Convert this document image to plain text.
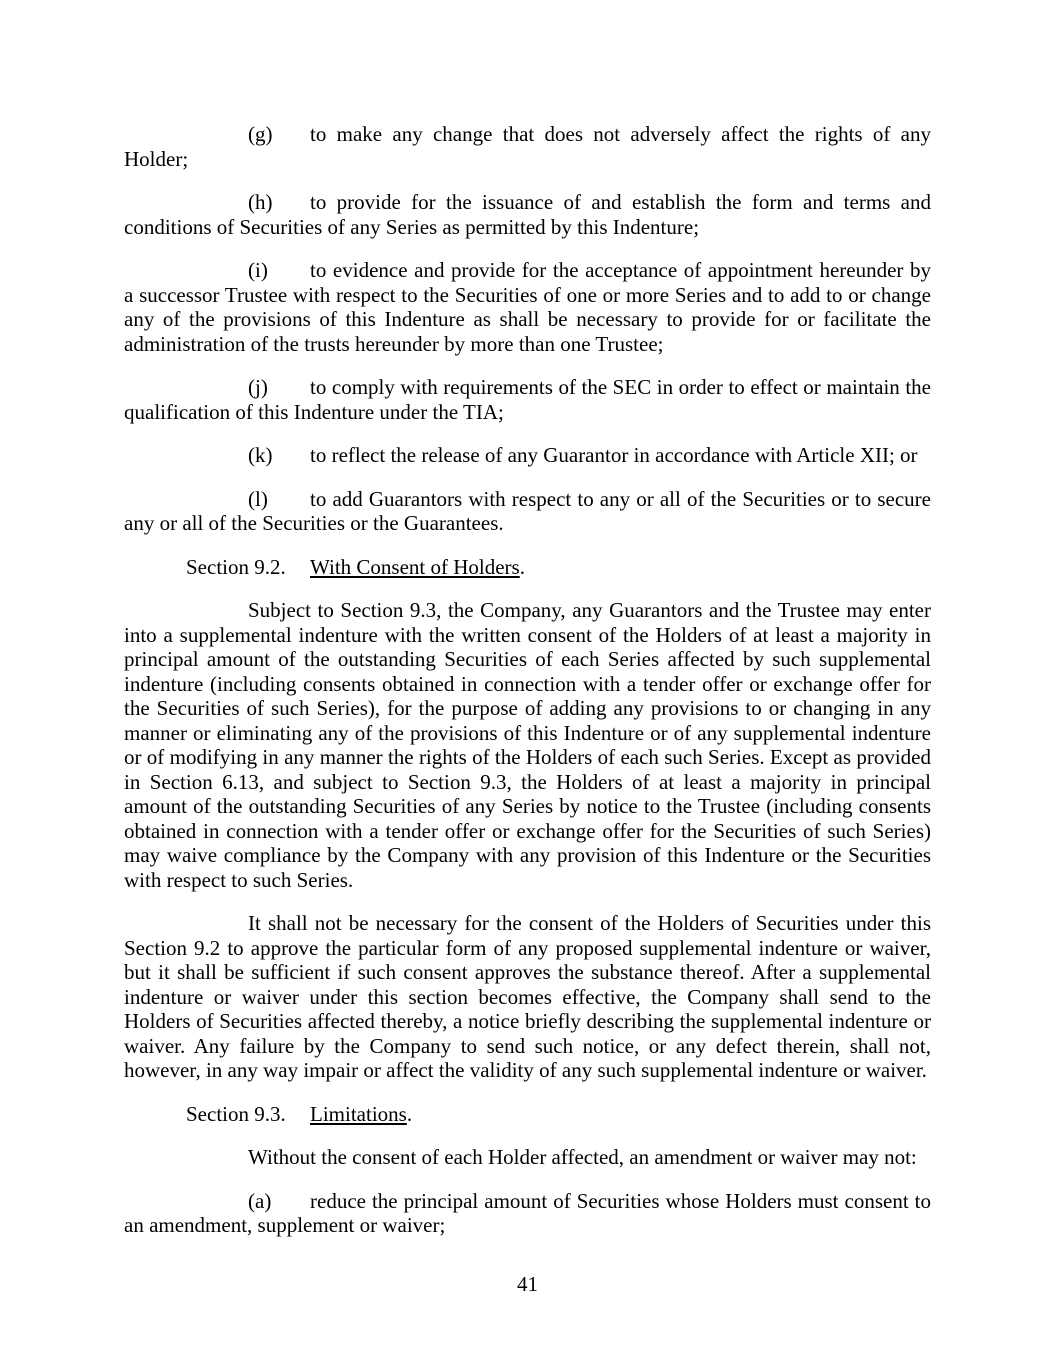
(g) to make any change that does not adversely affect the rights of any Holder;

(h) to provide for the issuance of and establish the form and terms and conditions of Securities of any Series as permitted by this Indenture;

(i) to evidence and provide for the acceptance of appointment hereunder by a successor Trustee with respect to the Securities of one or more Series and to add to or change any of the provisions of this Indenture as shall be necessary to provide for or facilitate the administration of the trusts hereunder by more than one Trustee;

(j) to comply with requirements of the SEC in order to effect or maintain the qualification of this Indenture under the TIA;

(k) to reflect the release of any Guarantor in accordance with Article XII; or

(l) to add Guarantors with respect to any or all of the Securities or to secure any or all of the Securities or the Guarantees.

Section 9.2. With Consent of Holders.

Subject to Section 9.3, the Company, any Guarantors and the Trustee may enter into a supplemental indenture with the written consent of the Holders of at least a majority in principal amount of the outstanding Securities of each Series affected by such supplemental indenture (including consents obtained in connection with a tender offer or exchange offer for the Securities of such Series), for the purpose of adding any provisions to or changing in any manner or eliminating any of the provisions of this Indenture or of any supplemental indenture or of modifying in any manner the rights of the Holders of each such Series. Except as provided in Section 6.13, and subject to Section 9.3, the Holders of at least a majority in principal amount of the outstanding Securities of any Series by notice to the Trustee (including consents obtained in connection with a tender offer or exchange offer for the Securities of such Series) may waive compliance by the Company with any provision of this Indenture or the Securities with respect to such Series.

It shall not be necessary for the consent of the Holders of Securities under this Section 9.2 to approve the particular form of any proposed supplemental indenture or waiver, but it shall be sufficient if such consent approves the substance thereof. After a supplemental indenture or waiver under this section becomes effective, the Company shall send to the Holders of Securities affected thereby, a notice briefly describing the supplemental indenture or waiver. Any failure by the Company to send such notice, or any defect therein, shall not, however, in any way impair or affect the validity of any such supplemental indenture or waiver.

Section 9.3. Limitations.

Without the consent of each Holder affected, an amendment or waiver may not:

(a) reduce the principal amount of Securities whose Holders must consent to an amendment, supplement or waiver;

41
